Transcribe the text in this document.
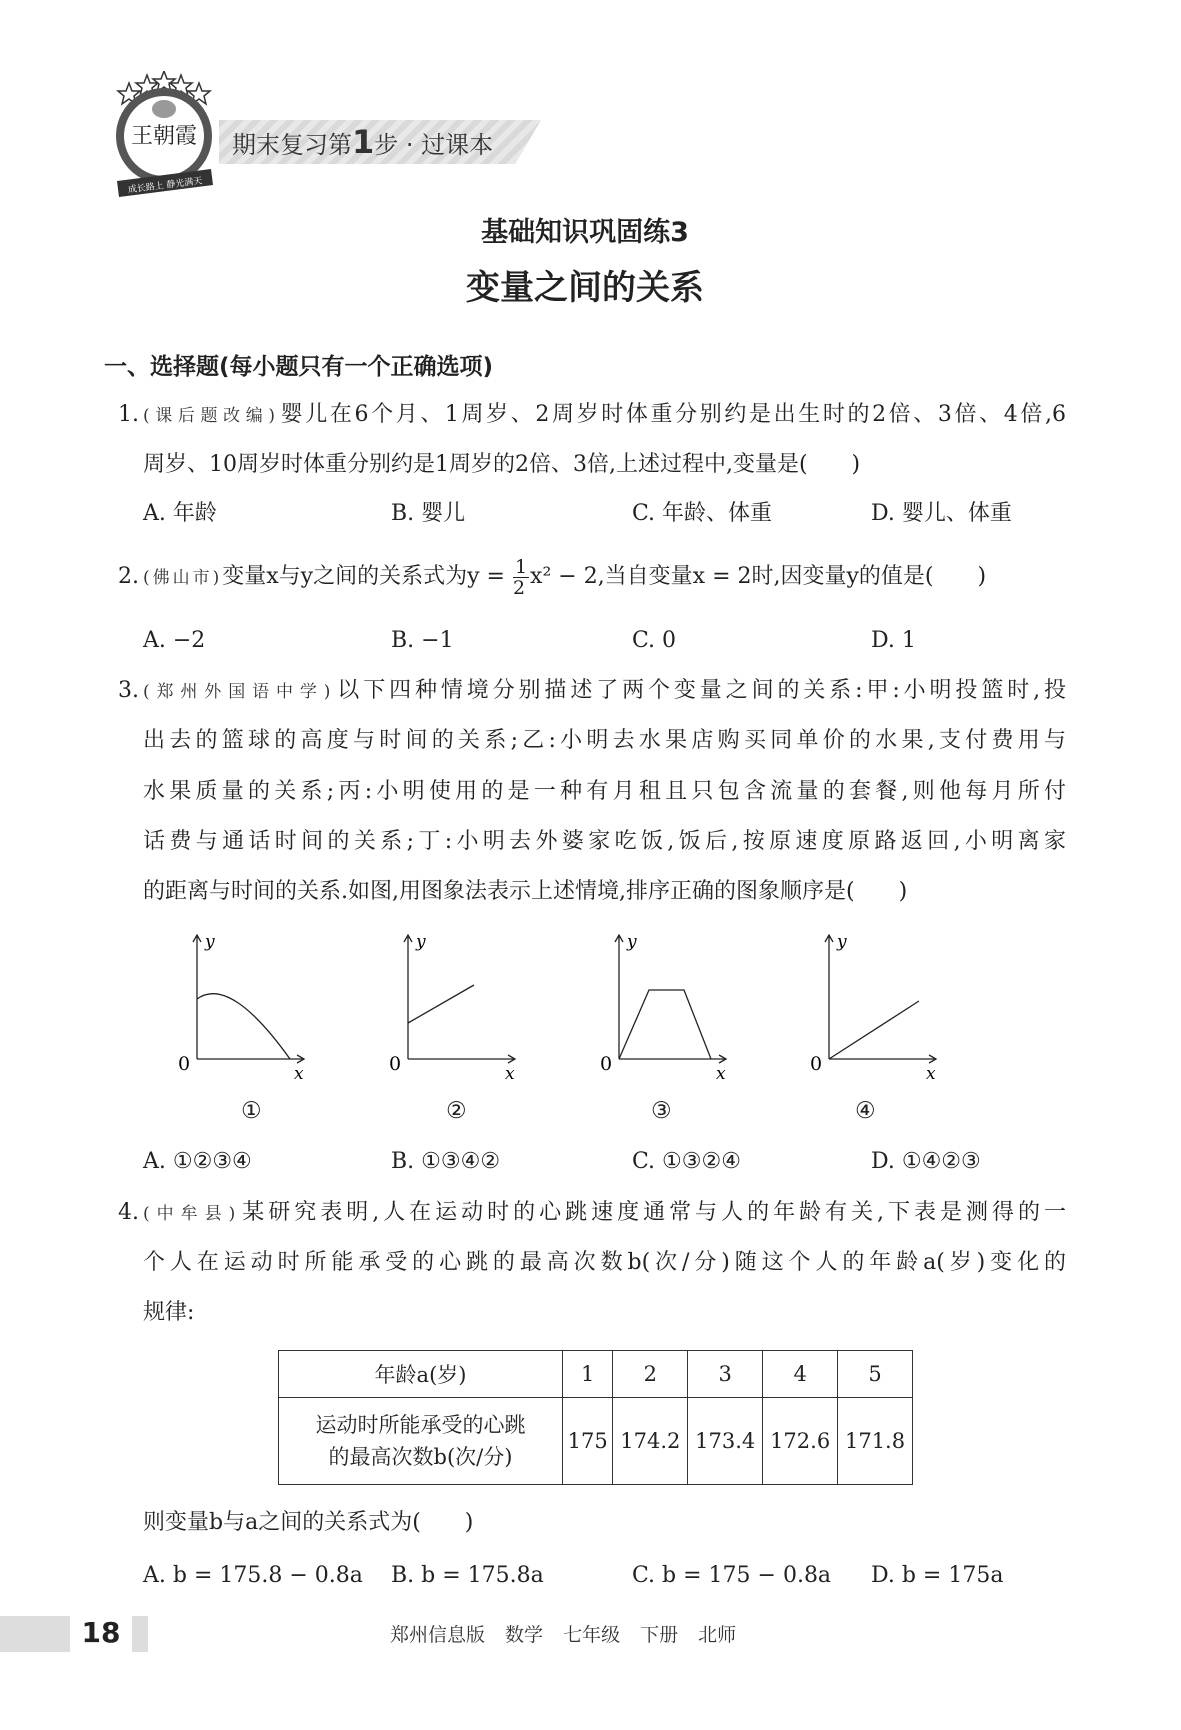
王朝霞
成长路上 静光满天
期末复习第1步 · 过课本
基础知识巩固练3
变量之间的关系
一、选择题(每小题只有一个正确选项)
1. (课后题改编)婴儿在6个月、1周岁、2周岁时体重分别约是出生时的2倍、3倍、4倍,6
周岁、10周岁时体重分别约是1周岁的2倍、3倍,上述过程中,变量是(　　)
A. 年龄	B. 婴儿	C. 年龄、体重	D. 婴儿、体重
2. (佛山市)变量x与y之间的关系式为$y = \frac{1}{2} x^2 - 2$,当自变量x = 2时,因变量y的值是(　　)
A. −2	B. −1	C. 0	D. 1
3. (郑州外国语中学)以下四种情境分别描述了两个变量之间的关系:甲:小明投篮时,投
出去的篮球的高度与时间的关系;乙:小明去水果店购买同单价的水果,支付费用与
水果质量的关系;丙:小明使用的是一种有月租且只包含流量的套餐,则他每月所付
话费与通话时间的关系;丁:小明去外婆家吃饭,饭后,按原速度原路返回,小明离家
的距离与时间的关系.如图,用图象法表示上述情境,排序正确的图象顺序是(　　)
y
x
0
y
x
0
y
x
0
y
x
0
①	②	③	④
A. ①②③④	B. ①③④②	C. ①③②④	D. ①④②③
4. (中牟县)某研究表明,人在运动时的心跳速度通常与人的年龄有关,下表是测得的一
个人在运动时所能承受的心跳的最高次数b(次/分)随这个人的年龄a(岁)变化的
规律:
年龄a(岁)	1	2	3	4	5

运动时所能承受的心跳
的最高次数b(次/分)	175	174.2	173.4	172.6	171.8
则变量b与a之间的关系式为(　　)
A. b = 175.8 − 0.8a B. b = 175.8a	C. b = 175 − 0.8a D. b = 175a
18	郑州信息版 数学 七年级 下册 北师
